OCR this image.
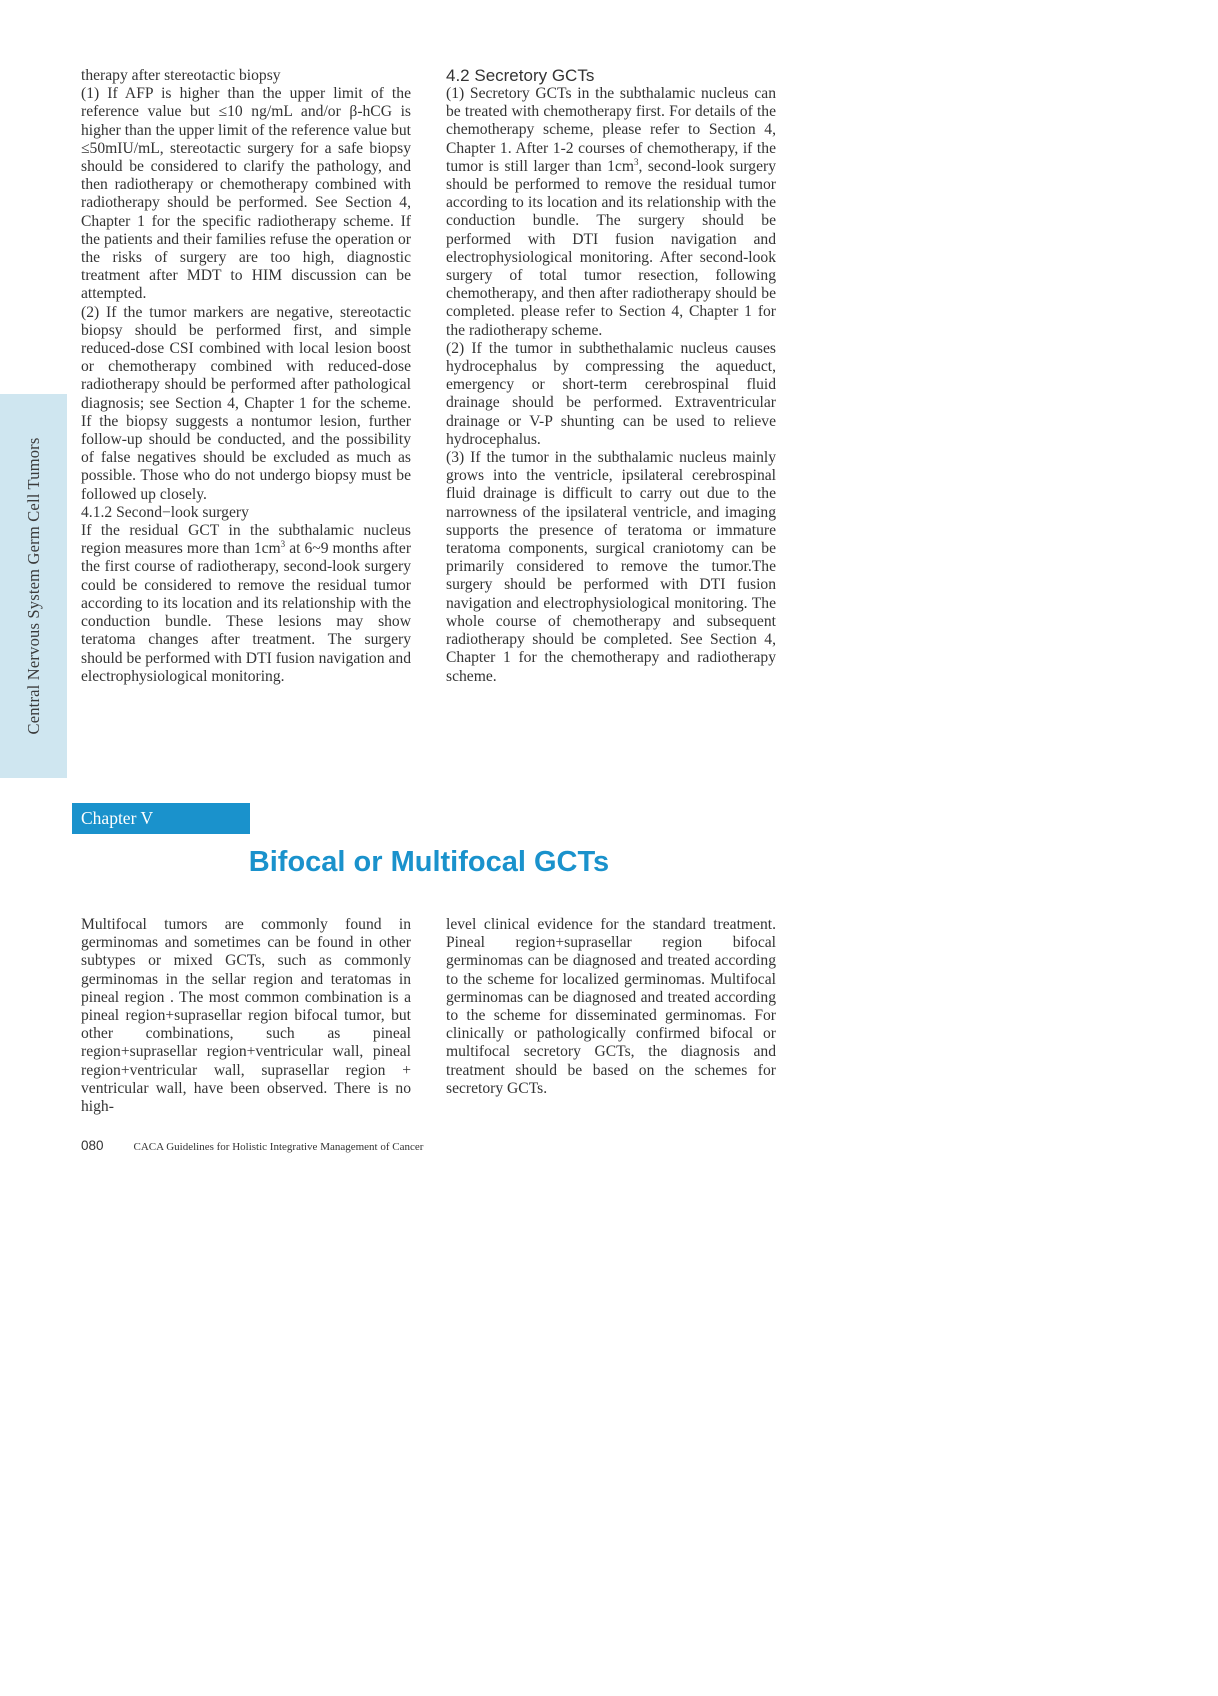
Central Nervous System Germ Cell Tumors

therapy after stereotactic biopsy

(1) If AFP is higher than the upper limit of the reference value but ≤10 ng/mL and/or β-hCG is higher than the upper limit of the reference value but ≤50mIU/mL, stereotactic surgery for a safe biopsy should be considered to clarify the pathology, and then radiotherapy or chemotherapy combined with radiotherapy should be performed. See Section 4, Chapter 1 for the specific radiotherapy scheme. If the patients and their families refuse the operation or the risks of surgery are too high, diagnostic treatment after MDT to HIM discussion can be attempted.

(2) If the tumor markers are negative, stereotactic biopsy should be performed first, and simple reduced-dose CSI combined with local lesion boost or chemotherapy combined with reduced-dose radiotherapy should be performed after pathological diagnosis; see Section 4, Chapter 1 for the scheme. If the biopsy suggests a nontumor lesion, further follow-up should be conducted, and the possibility of false negatives should be excluded as much as possible. Those who do not undergo biopsy must be followed up closely.

4.1.2 Second−look surgery

If the residual GCT in the subthalamic nucleus region measures more than $1cm^3$ at 6~9 months after the first course of radiotherapy, second-look surgery could be considered to remove the residual tumor according to its location and its relationship with the conduction bundle. These lesions may show teratoma changes after treatment. The surgery should be performed with DTI fusion navigation and electrophysiological monitoring.

4.2 Secretory GCTs

(1) Secretory GCTs in the subthalamic nucleus can be treated with chemotherapy first. For details of the chemotherapy scheme, please refer to Section 4, Chapter 1. After 1-2 courses of chemotherapy, if the tumor is still larger than $1cm^3$, second-look surgery should be performed to remove the residual tumor according to its location and its relationship with the conduction bundle. The surgery should be performed with DTI fusion navigation and electrophysiological monitoring. After second-look surgery of total tumor resection, following chemotherapy, and then after radiotherapy should be completed. please refer to Section 4, Chapter 1 for the radiotherapy scheme.

(2) If the tumor in subthethalamic nucleus causes hydrocephalus by compressing the aqueduct, emergency or short-term cerebrospinal fluid drainage should be performed. Extraventricular drainage or V-P shunting can be used to relieve hydrocephalus.

(3) If the tumor in the subthalamic nucleus mainly grows into the ventricle, ipsilateral cerebrospinal fluid drainage is difficult to carry out due to the narrowness of the ipsilateral ventricle, and imaging supports the presence of teratoma or immature teratoma components, surgical craniotomy can be primarily considered to remove the tumor.The surgery should be performed with DTI fusion navigation and electrophysiological monitoring. The whole course of chemotherapy and subsequent radiotherapy should be completed. See Section 4, Chapter 1 for the chemotherapy and radiotherapy scheme.

Chapter V
Bifocal or Multifocal GCTs

Multifocal tumors are commonly found in germinomas and sometimes can be found in other subtypes or mixed GCTs, such as commonly germinomas in the sellar region and teratomas in pineal region . The most common combination is a pineal region+suprasellar region bifocal tumor, but other combinations, such as pineal region+suprasellar region+ventricular wall, pineal region+ventricular wall, suprasellar region + ventricular wall, have been observed. There is no high-

level clinical evidence for the standard treatment. Pineal region+suprasellar region bifocal germinomas can be diagnosed and treated according to the scheme for localized germinomas. Multifocal germinomas can be diagnosed and treated according to the scheme for disseminated germinomas. For clinically or pathologically confirmed bifocal or multifocal secretory GCTs, the diagnosis and treatment should be based on the schemes for secretory GCTs.

080	CACA Guidelines for Holistic Integrative Management of Cancer
